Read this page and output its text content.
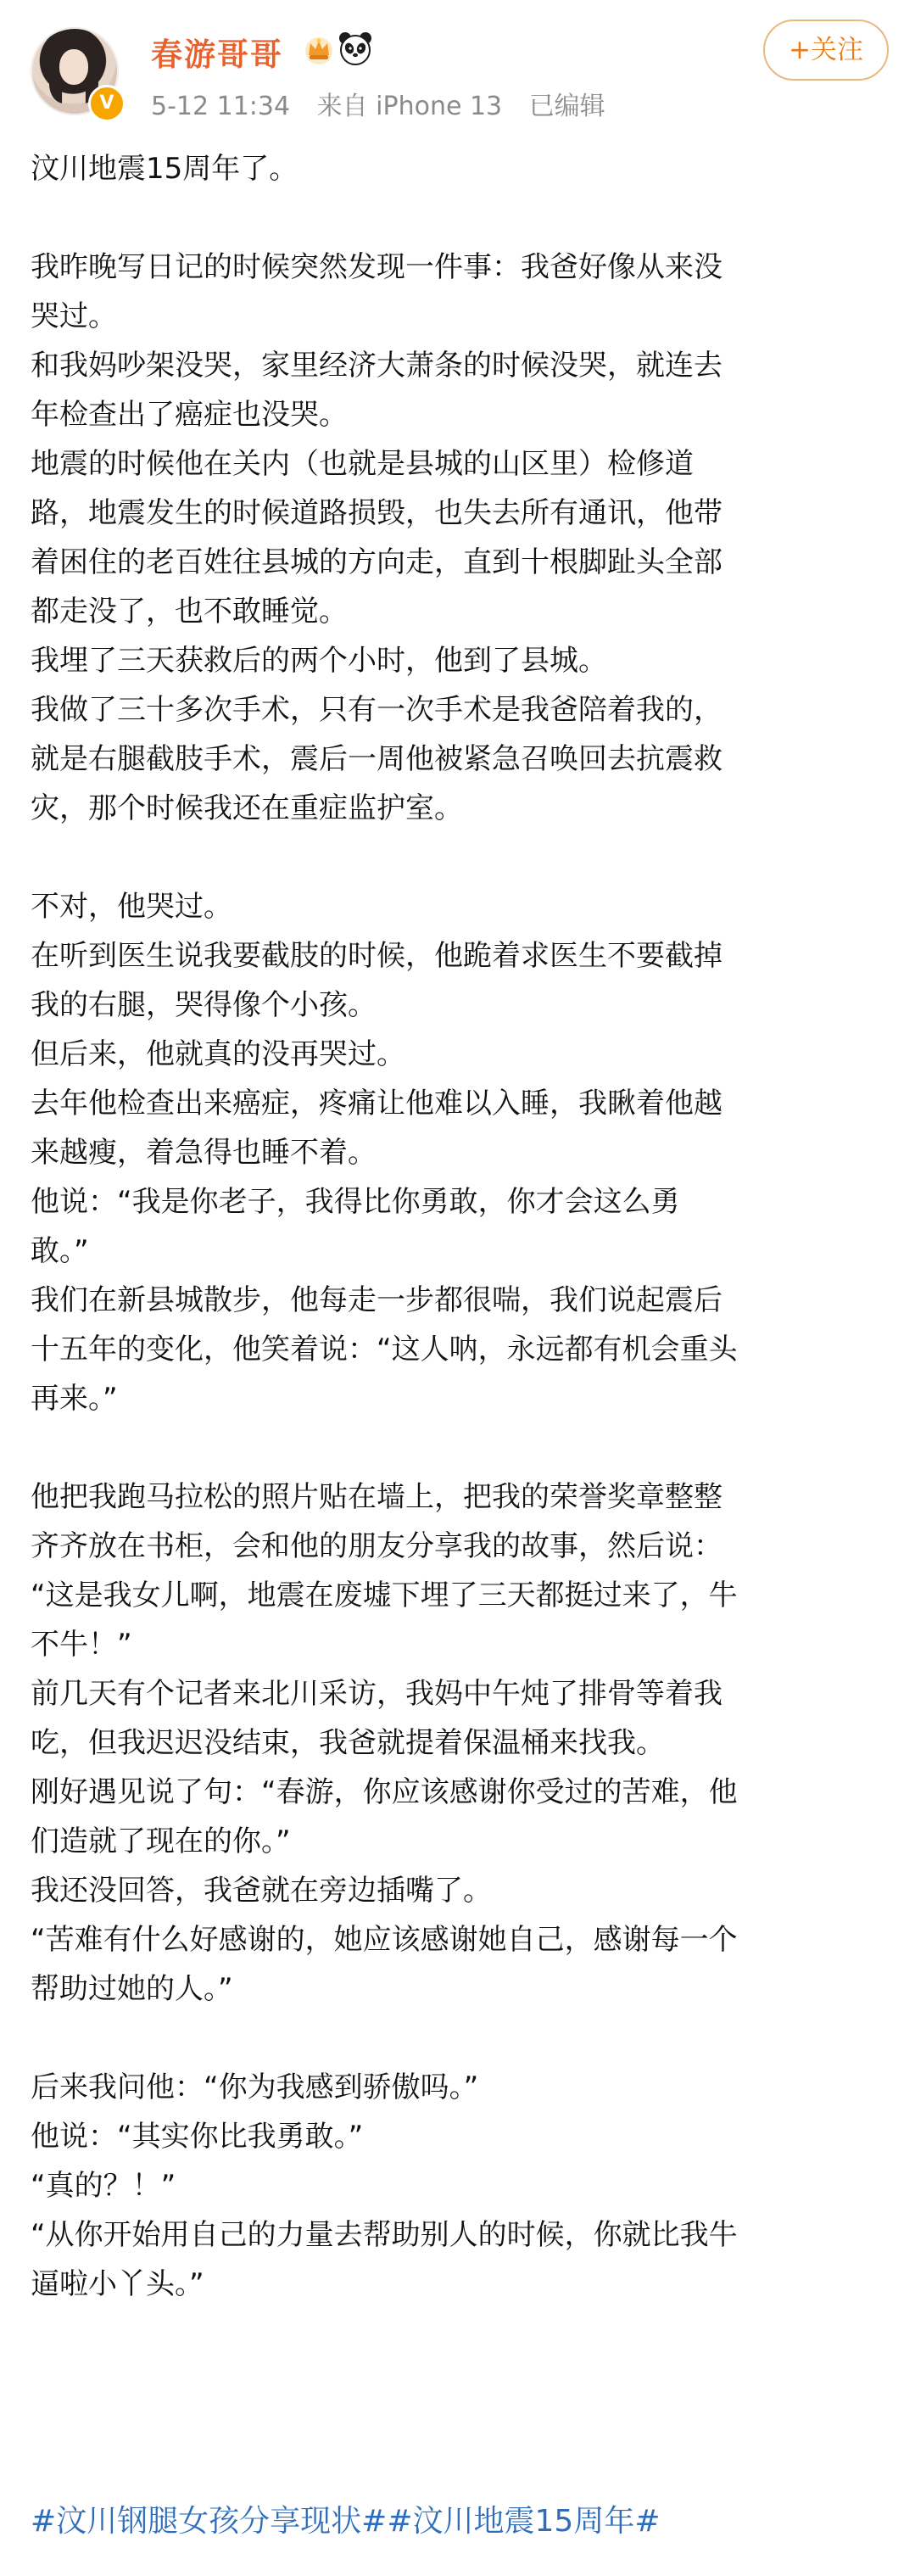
V
春游哥哥
5-12 11:34 来自 iPhone 13 已编辑
+关注
汶川地震15周年了。
我昨晚写日记的时候突然发现一件事：我爸好像从来没
哭过。
和我妈吵架没哭，家里经济大萧条的时候没哭，就连去
年检查出了癌症也没哭。
地震的时候他在关内（也就是县城的山区里）检修道
路，地震发生的时候道路损毁，也失去所有通讯，他带
着困住的老百姓往县城的方向走，直到十根脚趾头全部
都走没了，也不敢睡觉。
我埋了三天获救后的两个小时，他到了县城。
我做了三十多次手术，只有一次手术是我爸陪着我的，
就是右腿截肢手术，震后一周他被紧急召唤回去抗震救
灾，那个时候我还在重症监护室。
不对，他哭过。
在听到医生说我要截肢的时候，他跪着求医生不要截掉
我的右腿，哭得像个小孩。
但后来，他就真的没再哭过。
去年他检查出来癌症，疼痛让他难以入睡，我瞅着他越
来越瘦，着急得也睡不着。
他说：“我是你老子，我得比你勇敢，你才会这么勇
敢。”
我们在新县城散步，他每走一步都很喘，我们说起震后
十五年的变化，他笑着说：“这人呐，永远都有机会重头
再来。”
他把我跑马拉松的照片贴在墙上，把我的荣誉奖章整整
齐齐放在书柜，会和他的朋友分享我的故事，然后说：
“这是我女儿啊，地震在废墟下埋了三天都挺过来了，牛
不牛！”
前几天有个记者来北川采访，我妈中午炖了排骨等着我
吃，但我迟迟没结束，我爸就提着保温桶来找我。
刚好遇见说了句：“春游，你应该感谢你受过的苦难，他
们造就了现在的你。”
我还没回答，我爸就在旁边插嘴了。
“苦难有什么好感谢的，她应该感谢她自己，感谢每一个
帮助过她的人。”
后来我问他：“你为我感到骄傲吗。”
他说：“其实你比我勇敢。”
“真的？！”
“从你开始用自己的力量去帮助别人的时候，你就比我牛
逼啦小丫头。”
#汶川钢腿女孩分享现状##汶川地震15周年#
